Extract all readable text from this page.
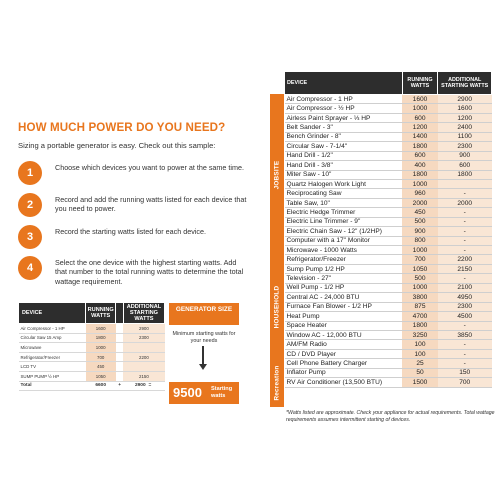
HOW MUCH POWER DO YOU NEED?
Sizing a portable generator is easy. Check out this sample:
1	Choose which devices you want to power at the same time.
2	Record and add the running watts listed for each device that you need to power.
3	Record the starting watts listed for each device.
4	Select the one device with the highest starting watts. Add that number to the total running watts to determine the total wattage requirement.
DEVICE	RUNNING WATTS		ADDITIONAL STARTING WATTS
Air Compressor - 1 HP	1600		2900
Circular Saw 15 Amp	1800		2300
Microwave	1000		
Refrigerator/Freezer	700		2200
LCD TV	450		
SUMP PUMP ½ HP	1050		2150
Total	6600	+	2900 =
GENERATOR SIZE
Minimum starting watts for your needs
9500 Starting watts
JOBSITE
HOUSEHOLD
Recreation
DEVICE	RUNNING WATTS	ADDITIONAL STARTING WATTS
Air Compressor - 1 HP	1600	2900
Air Compressor - ½ HP	1000	1600
Airless Paint Sprayer - ⅓ HP	600	1200
Belt Sander - 3"	1200	2400
Bench Grinder - 8"	1400	1100
Circular Saw - 7-1/4"	1800	2300
Hand Drill - 1/2"	600	900
Hand Drill - 3/8"	400	600
Miter Saw - 10"	1800	1800
Quartz Halogen Work Light	1000	
Reciprocating Saw	960	-
Table Saw, 10"	2000	2000
Electric Hedge Trimmer	450	-
Electric Line Trimmer - 9"	500	-
Electric Chain Saw - 12" (1/2HP)	900	-
Computer with a 17" Monitor	800	-
Microwave - 1000 Watts	1000	-
Refrigerator/Freezer	700	2200
Sump Pump 1/2 HP	1050	2150
Television - 27"	500	-
Well Pump - 1/2 HP	1000	2100
Central AC - 24,000 BTU	3800	4950
Furnace Fan Blower - 1/2 HP	875	2300
Heat Pump	4700	4500
Space Heater	1800	-
Window AC - 12,000 BTU	3250	3850
AM/FM Radio	100	-
CD / DVD Player	100	-
Cell Phone Battery Charger	25	-
Inflator Pump	50	150
RV Air Conditioner (13,500 BTU)	1500	700
*Watts listed are approximate. Check your appliance for actual requirements. Total wattage requirements assumes intermittent starting of devices.
